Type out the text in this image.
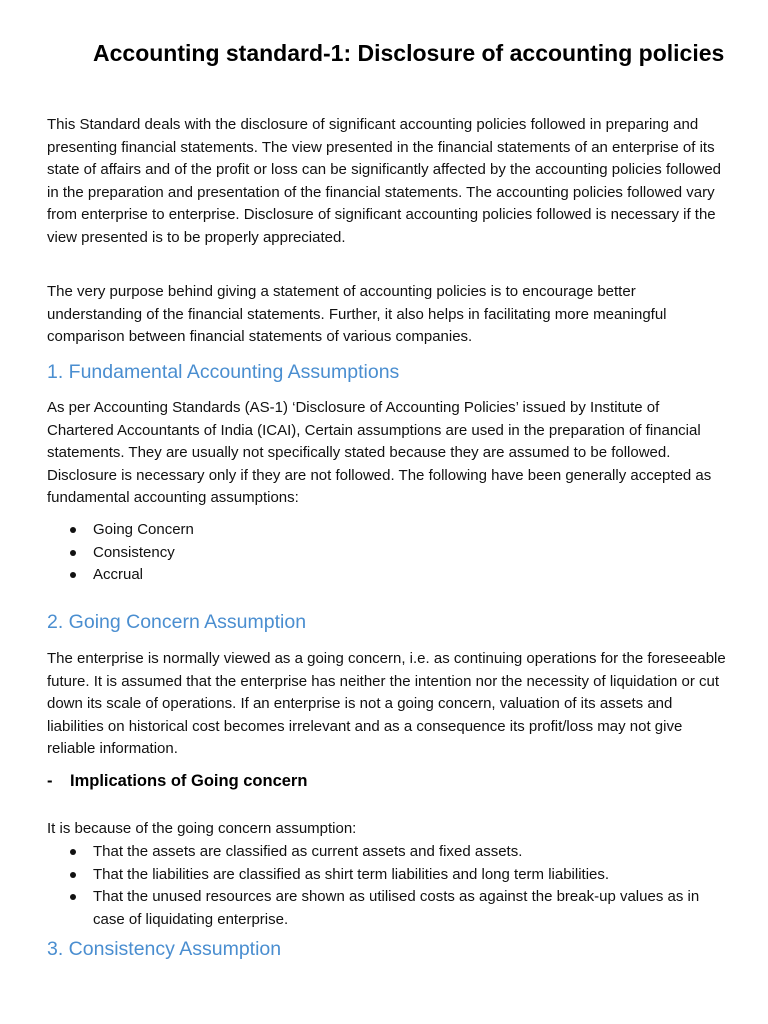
Accounting standard-1: Disclosure of accounting policies

This Standard deals with the disclosure of significant accounting policies followed in preparing and presenting financial statements. The view presented in the financial statements of an enterprise of its state of affairs and of the profit or loss can be significantly affected by the accounting policies followed in the preparation and presentation of the financial statements. The accounting policies followed vary from enterprise to enterprise. Disclosure of significant accounting policies followed is necessary if the view presented is to be properly appreciated.

The very purpose behind giving a statement of accounting policies is to encourage better understanding of the financial statements. Further, it also helps in facilitating more meaningful comparison between financial statements of various companies.

1. Fundamental Accounting Assumptions

As per Accounting Standards (AS-1) ‘Disclosure of Accounting Policies’ issued by Institute of Chartered Accountants of India (ICAI), Certain assumptions are used in the preparation of financial statements. They are usually not specifically stated because they are assumed to be followed. Disclosure is necessary only if they are not followed. The following have been generally accepted as fundamental accounting assumptions:

Going Concern
Consistency
Accrual
2. Going Concern Assumption

The enterprise is normally viewed as a going concern, i.e. as continuing operations for the foreseeable future. It is assumed that the enterprise has neither the intention nor the necessity of liquidation or cut down its scale of operations. If an enterprise is not a going concern, valuation of its assets and liabilities on historical cost becomes irrelevant and as a consequence its profit/loss may not give reliable information.

- Implications of Going concern

It is because of the going concern assumption:

That the assets are classified as current assets and fixed assets.
That the liabilities are classified as shirt term liabilities and long term liabilities.
That the unused resources are shown as utilised costs as against the break-up values as in case of liquidating enterprise.
3. Consistency Assumption
